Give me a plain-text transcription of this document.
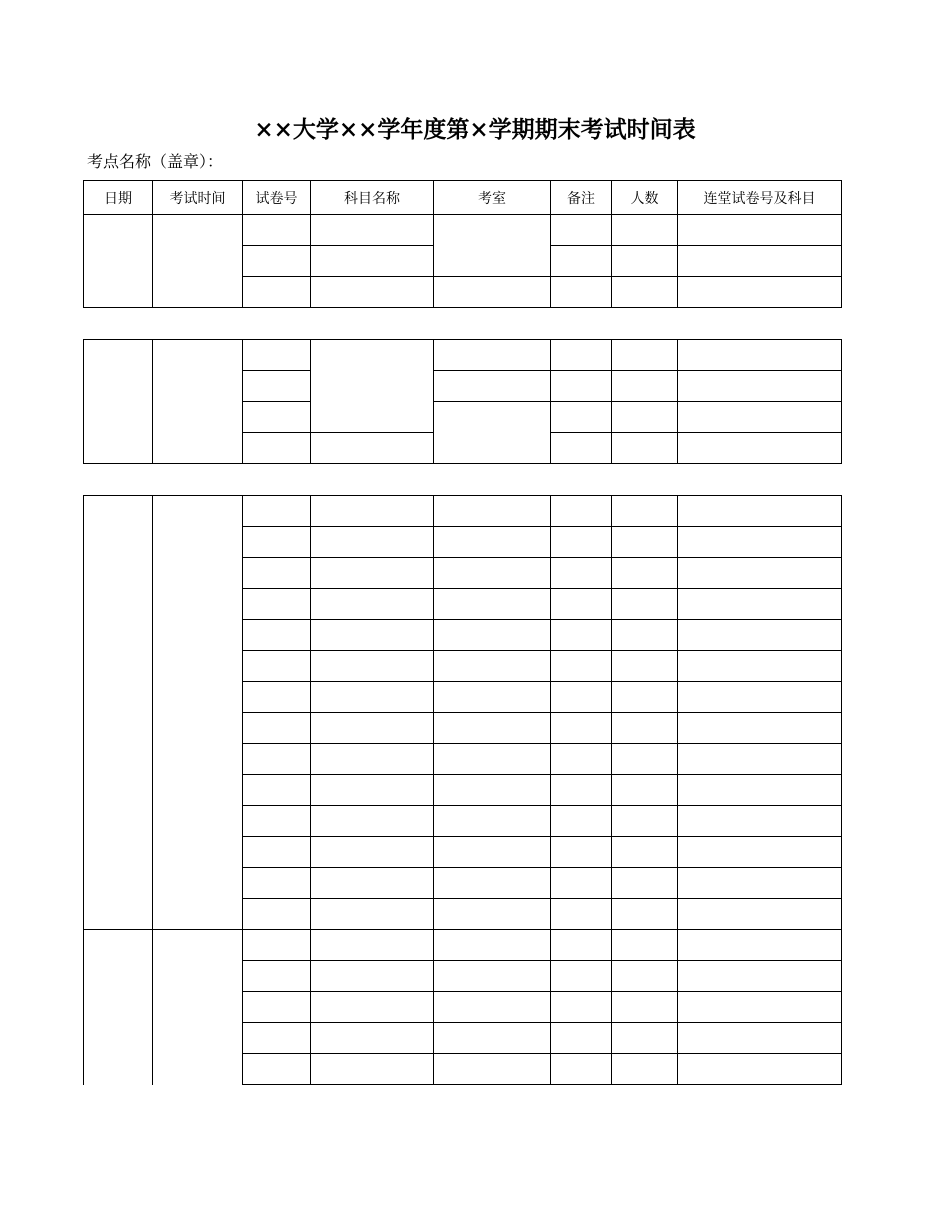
××大学××学年度第×学期期末考试时间表
考点名称（盖章）：
日期	考试时间	试卷号	科目名称	考室	备注	人数	连堂试卷号及科目
